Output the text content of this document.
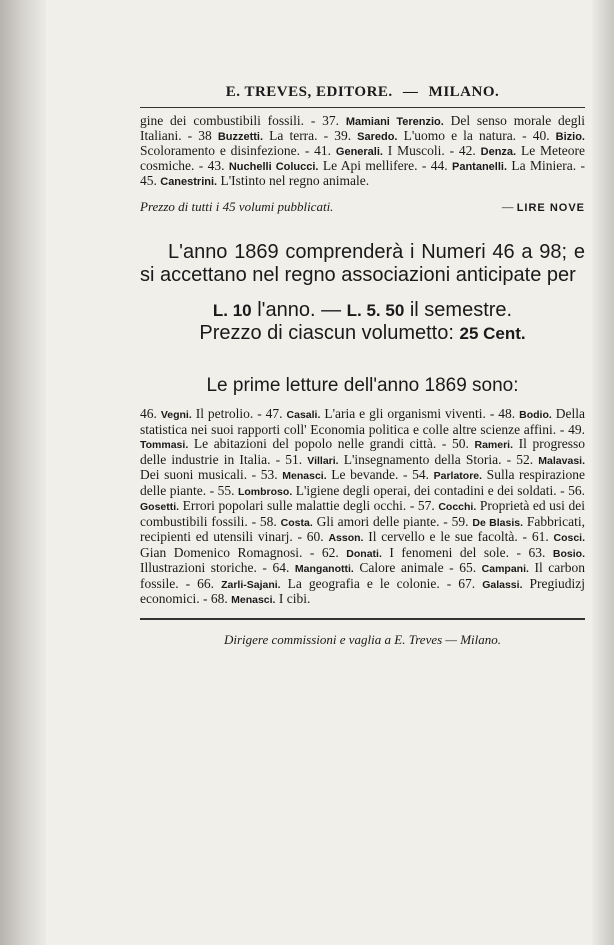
E. TREVES, EDITORE. — MILANO.
gine dei combustibili fossili. - 37. Mamiani Terenzio. Del senso morale degli Italiani. - 38 Buzzetti. La terra. - 39. Saredo. L'uomo e la natura. - 40. Bizio. Scoloramento e disinfezione. - 41. Generali. I Muscoli. - 42. Denza. Le Meteore cosmiche. - 43. Nuchelli Colucci. Le Api mellifere. - 44. Pantanelli. La Miniera. - 45. Canestrini. L'Istinto nel regno animale.
Prezzo di tutti i 45 volumi pubblicati.	— LIRE NOVE
L'anno 1869 comprenderà i Numeri 46 a 98; e si accettano nel regno associazioni anticipate per
L. 10 l'anno. — L. 5. 50 il semestre.
Prezzo di ciascun volumetto: 25 Cent.
Le prime letture dell'anno 1869 sono:
46. Vegni. Il petrolio. - 47. Casali. L'aria e gli organismi viventi. - 48. Bodio. Della statistica nei suoi rapporti coll' Economia politica e colle altre scienze affini. - 49. Tommasi. Le abitazioni del popolo nelle grandi città. - 50. Rameri. Il progresso delle industrie in Italia. - 51. Villari. L'insegnamento della Storia. - 52. Malavasi. Dei suoni musicali. - 53. Menasci. Le bevande. - 54. Parlatore. Sulla respirazione delle piante. - 55. Lombroso. L'igiene degli operai, dei contadini e dei soldati. - 56. Gosetti. Errori popolari sulle malattie degli occhi. - 57. Cocchi. Proprietà ed usi dei combustibili fossili. - 58. Costa. Gli amori delle piante. - 59. De Blasis. Fabbricati, recipienti ed utensili vinarj. - 60. Asson. Il cervello e le sue facoltà. - 61. Cosci. Gian Domenico Romagnosi. - 62. Donati. I fenomeni del sole. - 63. Bosio. Illustrazioni storiche. - 64. Manganotti. Calore animale - 65. Campani. Il carbon fossile. - 66. Zarli-Sajani. La geografia e le colonie. - 67. Galassi. Pregiudizj economici. - 68. Menasci. I cibi.
Dirigere commissioni e vaglia a E. Treves — Milano.
